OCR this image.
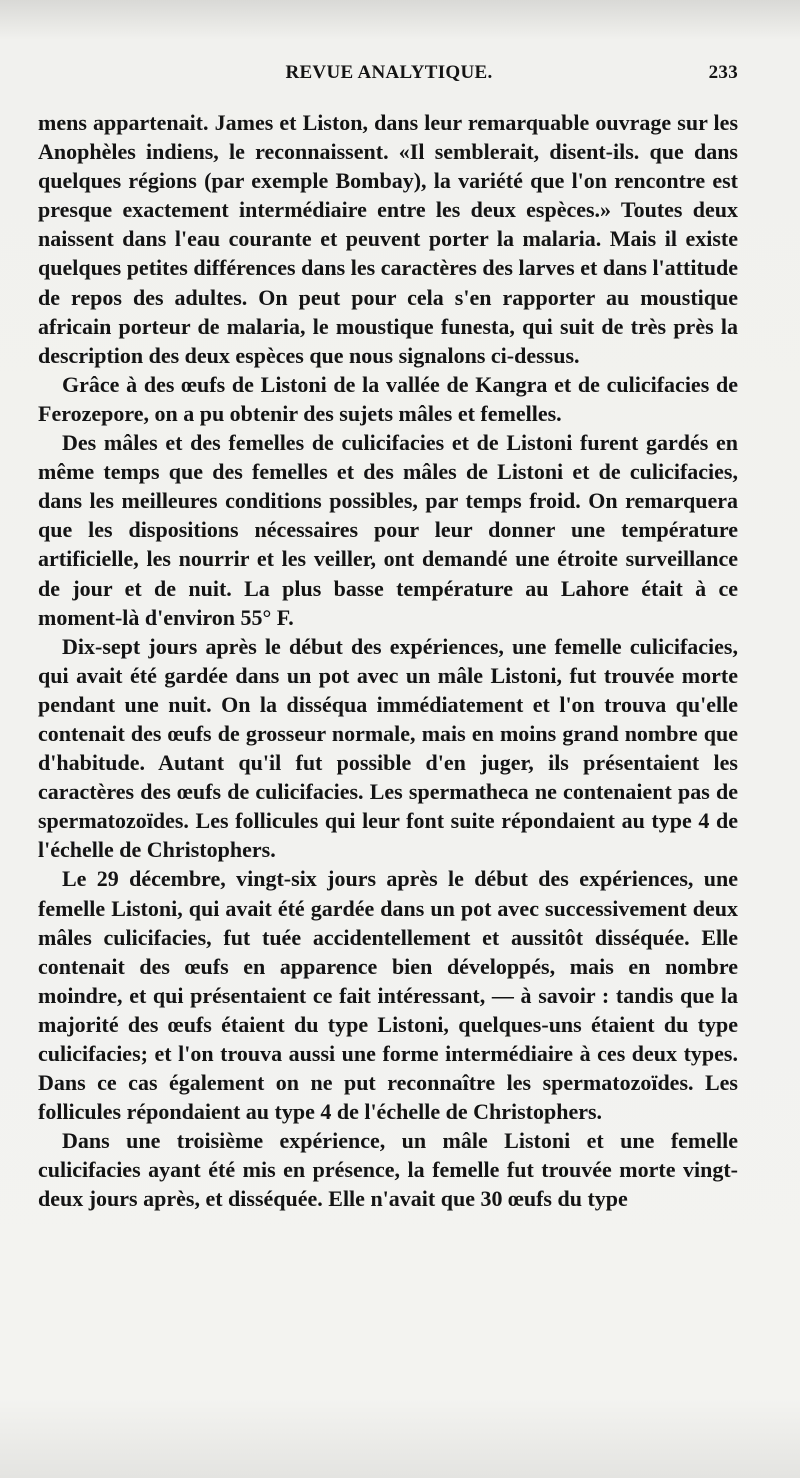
REVUE ANALYTIQUE.	233

mens appartenait. James et Liston, dans leur remarquable ouvrage sur les Anophèles indiens, le reconnaissent. «Il semblerait, disent-ils. que dans quelques régions (par exemple Bombay), la variété que l'on rencontre est presque exactement intermédiaire entre les deux espèces.» Toutes deux naissent dans l'eau courante et peuvent porter la malaria. Mais il existe quelques petites différences dans les caractères des larves et dans l'attitude de repos des adultes. On peut pour cela s'en rapporter au moustique africain porteur de malaria, le moustique funesta, qui suit de très près la description des deux espèces que nous signalons ci-dessus.

Grâce à des œufs de Listoni de la vallée de Kangra et de culicifacies de Ferozepore, on a pu obtenir des sujets mâles et femelles.

Des mâles et des femelles de culicifacies et de Listoni furent gardés en même temps que des femelles et des mâles de Listoni et de culicifacies, dans les meilleures conditions possibles, par temps froid. On remarquera que les dispositions nécessaires pour leur donner une température artificielle, les nourrir et les veiller, ont demandé une étroite surveillance de jour et de nuit. La plus basse température au Lahore était à ce moment-là d'environ 55° F.

Dix-sept jours après le début des expériences, une femelle culicifacies, qui avait été gardée dans un pot avec un mâle Listoni, fut trouvée morte pendant une nuit. On la disséqua immédiatement et l'on trouva qu'elle contenait des œufs de grosseur normale, mais en moins grand nombre que d'habitude. Autant qu'il fut possible d'en juger, ils présentaient les caractères des œufs de culicifacies. Les spermatheca ne contenaient pas de spermatozoïdes. Les follicules qui leur font suite répondaient au type 4 de l'échelle de Christophers.

Le 29 décembre, vingt-six jours après le début des expériences, une femelle Listoni, qui avait été gardée dans un pot avec successivement deux mâles culicifacies, fut tuée accidentellement et aussitôt disséquée. Elle contenait des œufs en apparence bien développés, mais en nombre moindre, et qui présentaient ce fait intéressant, — à savoir : tandis que la majorité des œufs étaient du type Listoni, quelques-uns étaient du type culicifacies; et l'on trouva aussi une forme intermédiaire à ces deux types. Dans ce cas également on ne put reconnaître les spermatozoïdes. Les follicules répondaient au type 4 de l'échelle de Christophers.

Dans une troisième expérience, un mâle Listoni et une femelle culicifacies ayant été mis en présence, la femelle fut trouvée morte vingt-deux jours après, et disséquée. Elle n'avait que 30 œufs du type
